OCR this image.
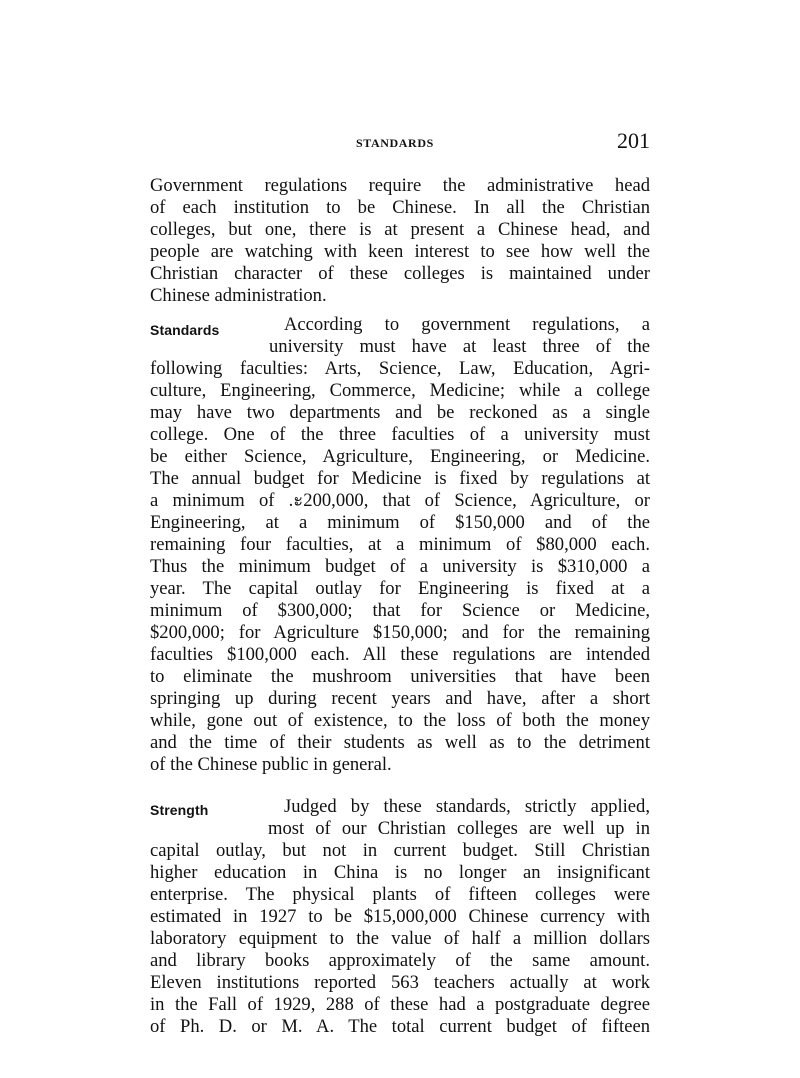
STANDARDS	201
Government regulations require the administrative head
of each institution to be Chinese. In all the Christian
colleges, but one, there is at present a Chinese head, and
people are watching with keen interest to see how well the
Christian character of these colleges is maintained under
Chinese administration.
Standards	According to government regulations, a
university must have at least three of the
following faculties: Arts, Science, Law, Education, Agri-
culture, Engineering, Commerce, Medicine; while a college
may have two departments and be reckoned as a single
college. One of the three faculties of a university must
be either Science, Agriculture, Engineering, or Medicine.
The annual budget for Medicine is fixed by regulations at
a minimum of .ะ200,000, that of Science, Agriculture, or
Engineering, at a minimum of $150,000 and of the
remaining four faculties, at a minimum of $80,000 each.
Thus the minimum budget of a university is $310,000 a
year. The capital outlay for Engineering is fixed at a
minimum of $300,000; that for Science or Medicine,
$200,000; for Agriculture $150,000; and for the remaining
faculties $100,000 each. All these regulations are intended
to eliminate the mushroom universities that have been
springing up during recent years and have, after a short
while, gone out of existence, to the loss of both the money
and the time of their students as well as to the detriment
of the Chinese public in general.
Strength	Judged by these standards, strictly applied,
most of our Christian colleges are well up in
capital outlay, but not in current budget. Still Christian
higher education in China is no longer an insignificant
enterprise. The physical plants of fifteen colleges were
estimated in 1927 to be $15,000,000 Chinese currency with
laboratory equipment to the value of half a million dollars
and library books approximately of the same amount.
Eleven institutions reported 563 teachers actually at work
in the Fall of 1929, 288 of these had a postgraduate degree
of Ph. D. or M. A. The total current budget of fifteen
